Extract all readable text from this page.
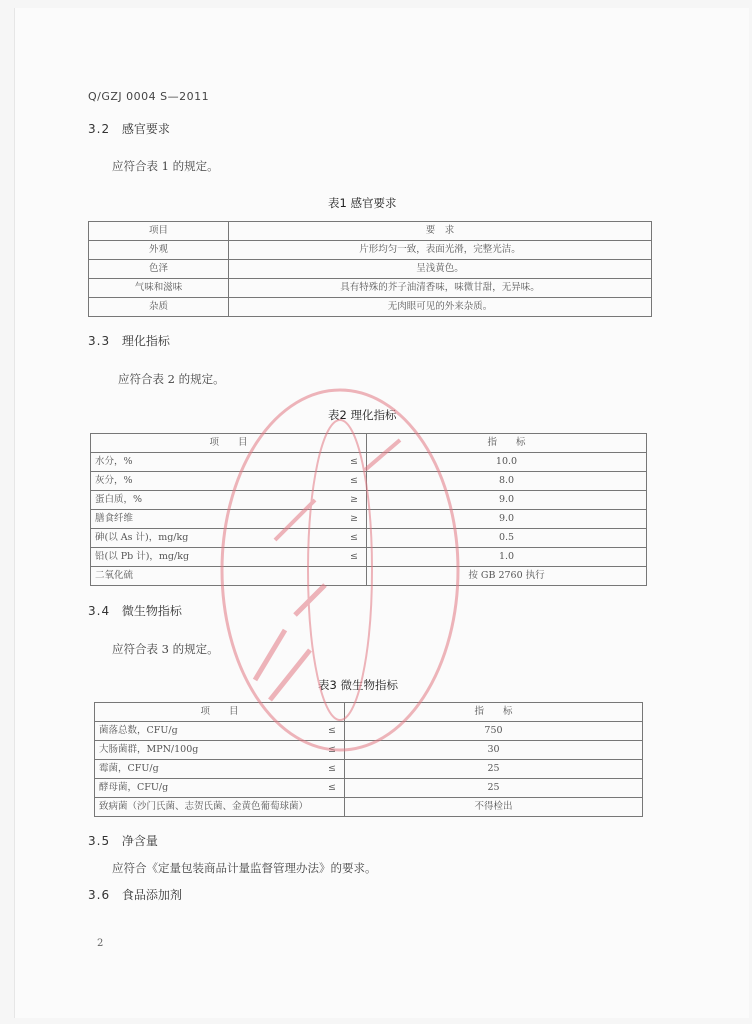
Q/GZJ 0004 S—2011
3.2 感官要求
应符合表 1 的规定。
表1 感官要求
项目	要　求
外观	片形均匀一致，表面光滑，完整光洁。
色泽	呈浅黄色。
气味和滋味	具有特殊的芥子油清香味，味微甘甜，无异味。
杂质	无肉眼可见的外来杂质。
3.3 理化指标
应符合表 2 的规定。
表2 理化指标
项　　目	指　　标
水分，% ≤	10.0
灰分，% ≤	8.0
蛋白质，% ≥	9.0
膳食纤维 ≥	9.0
砷(以 As 计)，mg/kg ≤	0.5
铅(以 Pb 计)，mg/kg ≤	1.0
二氧化硫	按 GB 2760 执行
3.4 微生物指标
应符合表 3 的规定。
表3 微生物指标
项　　目	指　　标
菌落总数，CFU/g ≤	750
大肠菌群，MPN/100g ≤	30
霉菌，CFU/g ≤	25
酵母菌，CFU/g ≤	25
致病菌（沙门氏菌、志贺氏菌、金黄色葡萄球菌）	不得检出
3.5 净含量
应符合《定量包装商品计量监督管理办法》的要求。
3.6 食品添加剂
2
